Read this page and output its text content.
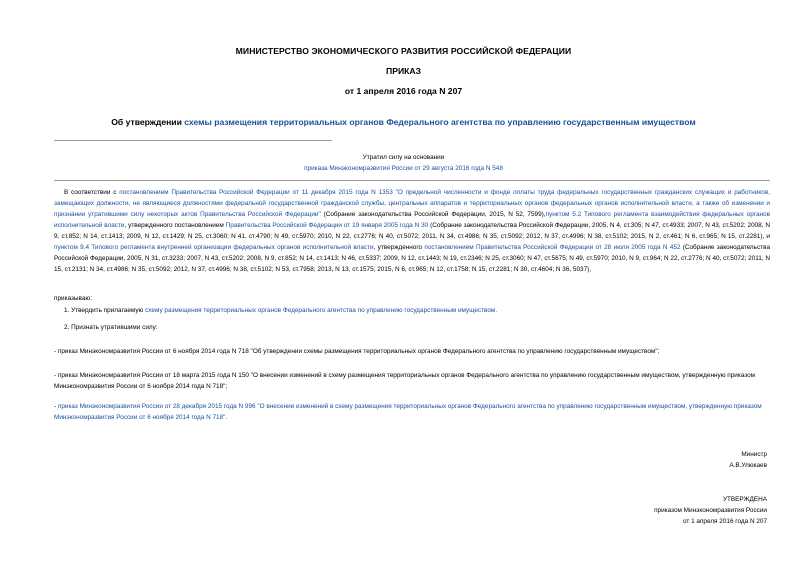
МИНИСТЕРСТВО ЭКОНОМИЧЕСКОГО РАЗВИТИЯ РОССИЙСКОЙ ФЕДЕРАЦИИ
ПРИКАЗ
от 1 апреля 2016 года N 207
Об утверждении схемы размещения территориальных органов Федерального агентства по управлению государственным имуществом
Утратил силу на основании
приказа Минэкономразвития России от 29 августа 2016 года N 548

В соответствии с постановлением Правительства Российской Федерации от 11 декабря 2015 года N 1353 "О предельной численности и фонде оплаты труда федеральных государственных гражданских служащих и работников, замещающих должности, не являющиеся должностями федеральной государственной гражданской службы, центральных аппаратов и территориальных органов федеральных органов исполнительной власти, а также об изменении и признании утратившими силу некоторых актов Правительства Российской Федерации" (Собрание законодательства Российской Федерации, 2015, N 52, 7599),пунктом 5.2 Типового регламента взаимодействия федеральных органов исполнительной власти, утвержденного постановлением Правительства Российской Федерации от 19 января 2005 года N 30 (Собрание законодательства Российской Федерации, 2005, N 4, ст.305; N 47, ст.4933; 2007, N 43, ст.5202; 2008, N 9, ст.852; N 14, ст.1413; 2009, N 12, ст.1429; N 25, ст.3060; N 41, ст.4790; N 49, ст.5970; 2010, N 22, ст.2776; N 40, ст.5072; 2011, N 34, ст.4986; N 35, ст.5092; 2012, N 37, ст.4996; N 38, ст.5102; 2015, N 2, ст.461; N 6, ст.965; N 15, ст.2281), и пунктом 9.4 Типового регламента внутренней организации федеральных органов исполнительной власти, утвержденного постановлением Правительства Российской Федерации от 28 июля 2005 года N 452 (Собрание законодательства Российской Федерации, 2005, N 31, ст.3233; 2007, N 43, ст.5202; 2008, N 9, ст.852; N 14, ст.1413; N 46, ст.5337; 2009, N 12, ст.1443; N 19, ст.2346; N 25, ст.3060; N 47, ст.5675; N 49, ст.5970; 2010, N 9, ст.964; N 22, ст.2776; N 40, ст.5072; 2011, N 15, ст.2131; N 34, ст.4986; N 35, ст.5092; 2012, N 37, ст.4996; N 38, ст.5102; N 53, ст.7958; 2013, N 13, ст.1575; 2015, N 6, ст.965; N 12, ст.1758; N 15, ст.2281; N 30, ст.4604; N 36, 5037),

приказываю:

1. Утвердить прилагаемую схему размещения территориальных органов Федерального агентства по управлению государственным имуществом.

2. Признать утратившими силу:

- приказ Минэкономразвития России от 6 ноября 2014 года N 718 "Об утверждении схемы размещения территориальных органов Федерального агентства по управлению государственным имуществом";

- приказ Минэкономразвития России от 18 марта 2015 года N 150 "О внесении изменений в схему размещения территориальных органов Федерального агентства по управлению государственным имуществом, утвержденную приказом Минэкономразвития России от 6 ноября 2014 года N 718";

- приказ Минэкономразвития России от 28 декабря 2015 года N 996 "О внесении изменений в схему размещения территориальных органов Федерального агентства по управлению государственным имуществом, утвержденную приказом Минэкономразвития России от 6 ноября 2014 года N 718".

Министр
А.В.Улюкаев
УТВЕРЖДЕНА
приказом Минэкономразвития России
от 1 апреля 2016 года N 207
